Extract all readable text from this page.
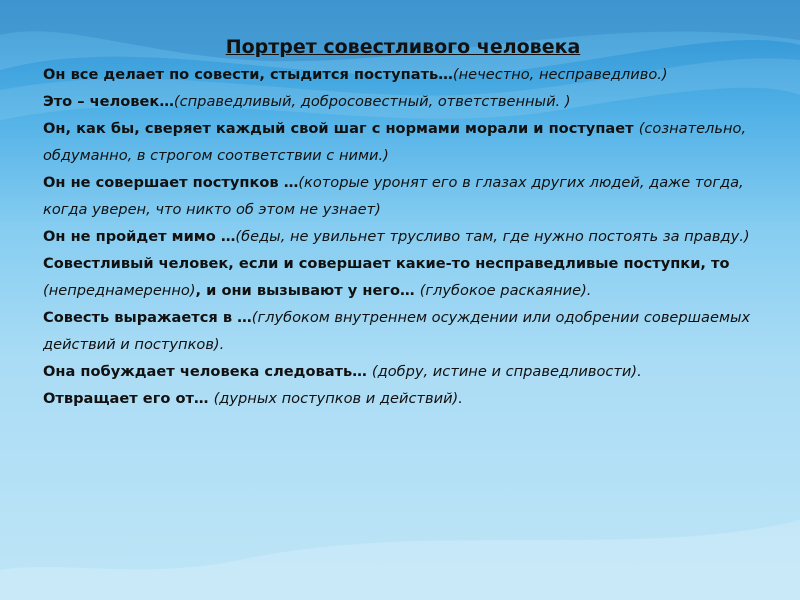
Портрет совестливого человека

Он все делает по совести, стыдится поступать…(нечестно, несправедливо.)

Это – человек…(справедливый, добросовестный, ответственный. )

Он, как бы, сверяет каждый свой шаг с нормами морали и поступает (сознательно, обдуманно, в строгом соответствии с ними.)

Он не совершает поступков …(которые уронят его в глазах других людей, даже тогда, когда уверен, что никто об этом не узнает)

Он не пройдет мимо …(беды, не увильнет трусливо там, где нужно постоять за правду.)

Совестливый человек, если и совершает какие-то несправедливые поступки, то (непреднамеренно), и они вызывают у него… (глубокое раскаяние).

Совесть выражается в …(глубоком внутреннем осуждении или одобрении совершаемых действий и поступков).

Она побуждает человека следовать… (добру, истине и справедливости).

Отвращает его от… (дурных поступков и действий).
